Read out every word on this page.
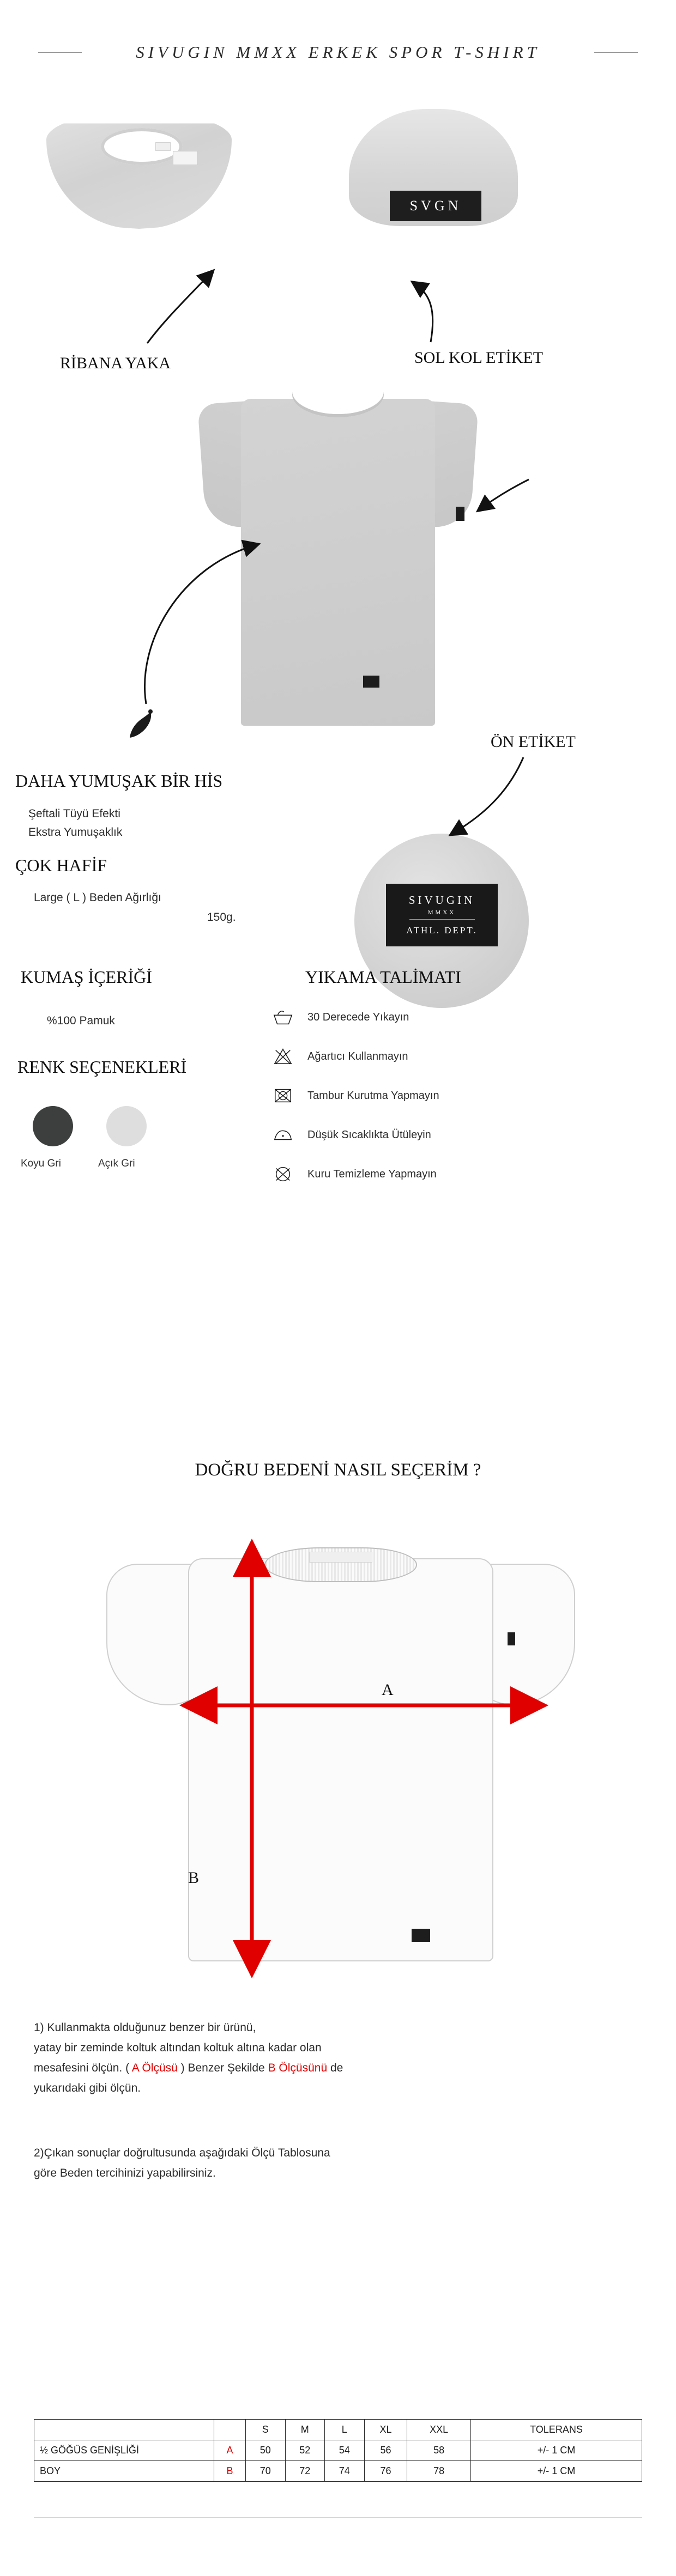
SIVUGIN MMXX ERKEK SPOR T-SHIRT
SVGN
RİBANA YAKA	SOL KOL ETİKET
ÖN ETİKET
SIVUGIN
MMXX
ATHL. DEPT.
DAHA YUMUŞAK BİR HİS
Şeftali Tüyü Efekti
Ekstra Yumuşaklık
ÇOK HAFİF
Large ( L ) Beden Ağırlığı
150g.
KUMAŞ İÇERİĞİ
%100 Pamuk
RENK SEÇENEKLERİ
Koyu Gri	Açık Gri
YIKAMA TALİMATI
30 Derecede Yıkayın
Ağartıcı Kullanmayın
Tambur Kurutma Yapmayın
Düşük Sıcaklıkta Ütüleyin
Kuru Temizleme Yapmayın
DOĞRU BEDENİ NASIL SEÇERİM ?
A
B
1) Kullanmakta olduğunuz benzer bir ürünü,
yatay bir zeminde koltuk altından koltuk altına kadar olan
mesafesini ölçün. ( A Ölçüsü ) Benzer Şekilde B Ölçüsünü de
yukarıdaki gibi ölçün.
2)Çıkan sonuçlar doğrultusunda aşağıdaki Ölçü Tablosuna
göre Beden tercihinizi yapabilirsiniz.
		S	M	L	XL	XXL	TOLERANS
½ GÖĞÜS GENİŞLİĞİ	A	50	52	54	56	58	+/- 1 CM
BOY	B	70	72	74	76	78	+/- 1 CM
